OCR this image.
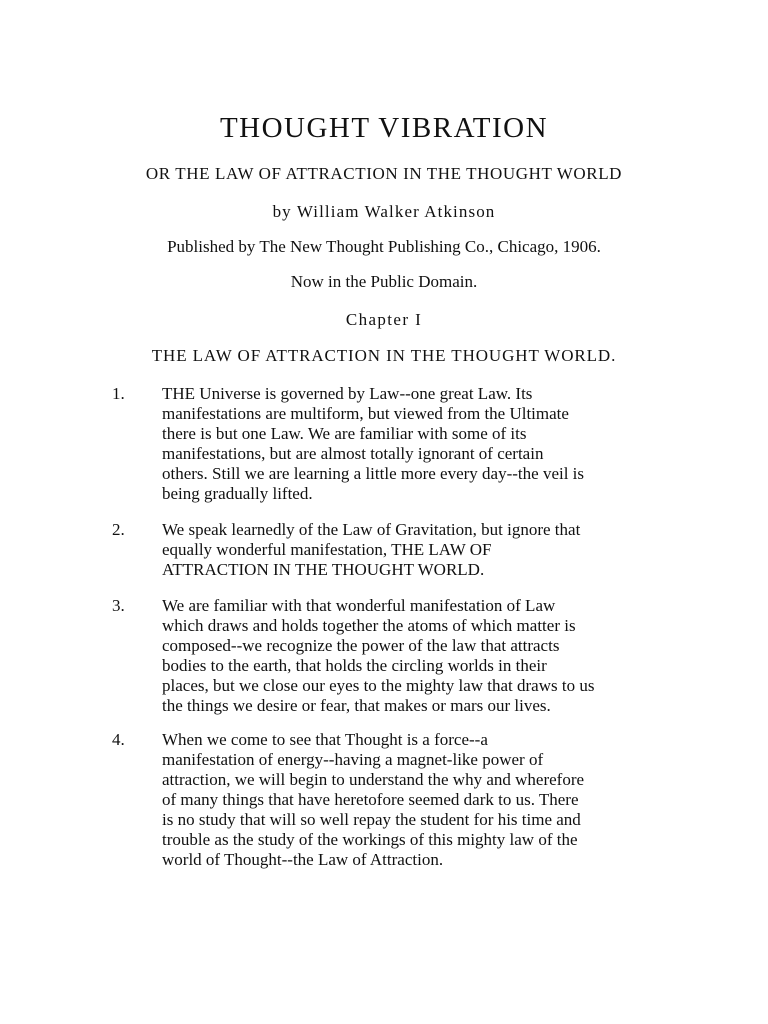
THOUGHT VIBRATION
OR THE LAW OF ATTRACTION IN THE THOUGHT WORLD
by William Walker Atkinson
Published by The New Thought Publishing Co., Chicago, 1906.
Now in the Public Domain.
Chapter I
THE LAW OF ATTRACTION IN THE THOUGHT WORLD.
1. THE Universe is governed by Law--one great Law. Its
manifestations are multiform, but viewed from the Ultimate
there is but one Law. We are familiar with some of its
manifestations, but are almost totally ignorant of certain
others. Still we are learning a little more every day--the veil is
being gradually lifted.
2. We speak learnedly of the Law of Gravitation, but ignore that
equally wonderful manifestation, THE LAW OF
ATTRACTION IN THE THOUGHT WORLD.
3. We are familiar with that wonderful manifestation of Law
which draws and holds together the atoms of which matter is
composed--we recognize the power of the law that attracts
bodies to the earth, that holds the circling worlds in their
places, but we close our eyes to the mighty law that draws to us
the things we desire or fear, that makes or mars our lives.
4. When we come to see that Thought is a force--a
manifestation of energy--having a magnet-like power of
attraction, we will begin to understand the why and wherefore
of many things that have heretofore seemed dark to us. There
is no study that will so well repay the student for his time and
trouble as the study of the workings of this mighty law of the
world of Thought--the Law of Attraction.
